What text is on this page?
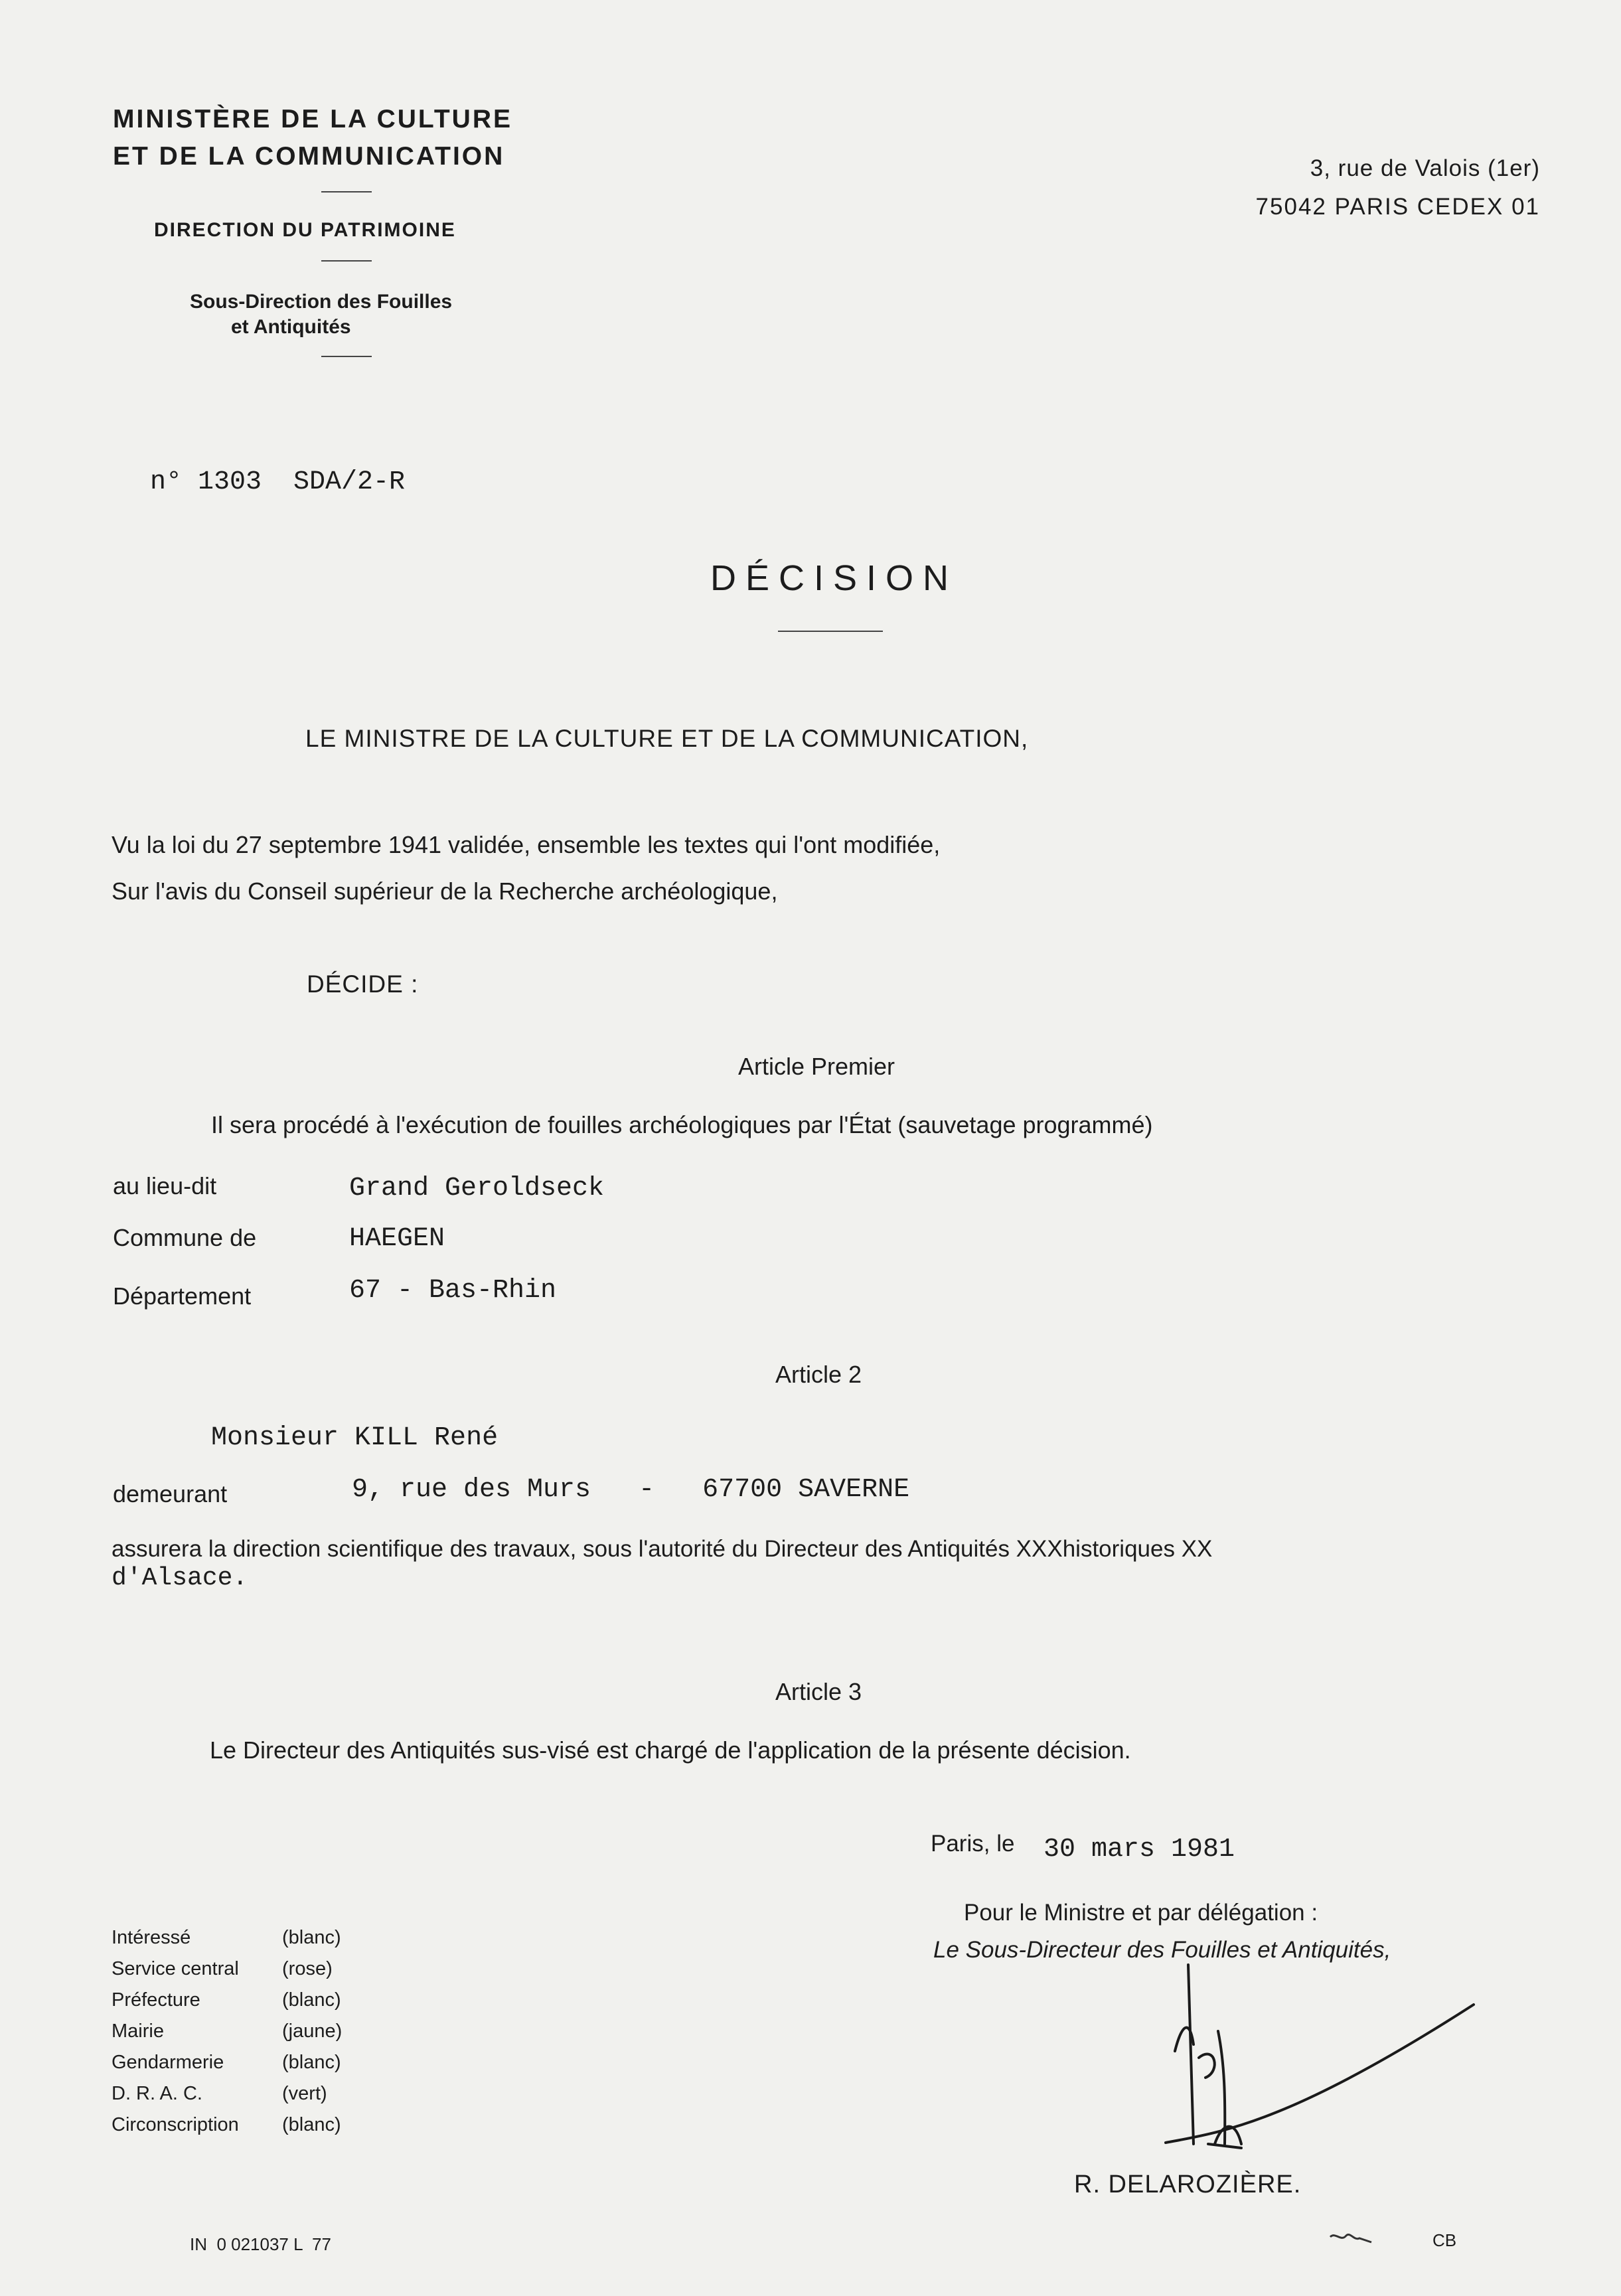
MINISTÈRE DE LA CULTURE
ET DE LA COMMUNICATION
DIRECTION DU PATRIMOINE
Sous-Direction des Fouilles
et Antiquités
3, rue de Valois (1er)
75042 PARIS CEDEX 01
n° 1303  SDA/2-R
DÉCISION
LE MINISTRE DE LA CULTURE ET DE LA COMMUNICATION,
Vu la loi du 27 septembre 1941 validée, ensemble les textes qui l'ont modifiée,
Sur l'avis du Conseil supérieur de la Recherche archéologique,
DÉCIDE :
Article Premier
Il sera procédé à l'exécution de fouilles archéologiques par l'État (sauvetage programmé)
au lieu-dit	Grand Geroldseck
Commune de	HAEGEN
Département	67 - Bas-Rhin
Article 2
Monsieur KILL René
demeurant	9, rue des Murs   -   67700 SAVERNE
assurera la direction scientifique des travaux, sous l'autorité du Directeur des Antiquités XXXhistoriques XX
d'Alsace.
Article 3
Le Directeur des Antiquités sus-visé est chargé de l'application de la présente décision.
Paris, le 30 mars 1981
Pour le Ministre et par délégation :
Le Sous-Directeur des Fouilles et Antiquités,
R. DELAROZIÈRE.
Intéressé	(blanc)
Service central	(rose)
Préfecture	(blanc)
Mairie	(jaune)
Gendarmerie	(blanc)
D. R. A. C.	(vert)
Circonscription	(blanc)
IN  0 021037 L  77	CB
